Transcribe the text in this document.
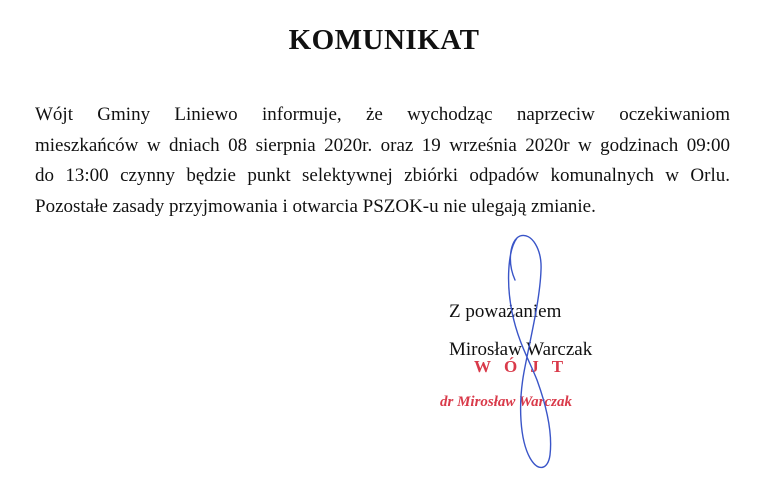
KOMUNIKAT
Wójt Gminy Liniewo informuje, że wychodząc naprzeciw oczekiwaniom
mieszkańców w dniach 08 sierpnia 2020r. oraz 19 września 2020r w godzinach 09:00
do 13:00 czynny będzie punkt selektywnej zbiórki odpadów komunalnych w Orlu.
Pozostałe zasady przyjmowania i otwarcia PSZOK-u nie ulegają zmianie.
Z poważaniem
Mirosław Warczak
WÓJT
dr Mirosław Warczak
